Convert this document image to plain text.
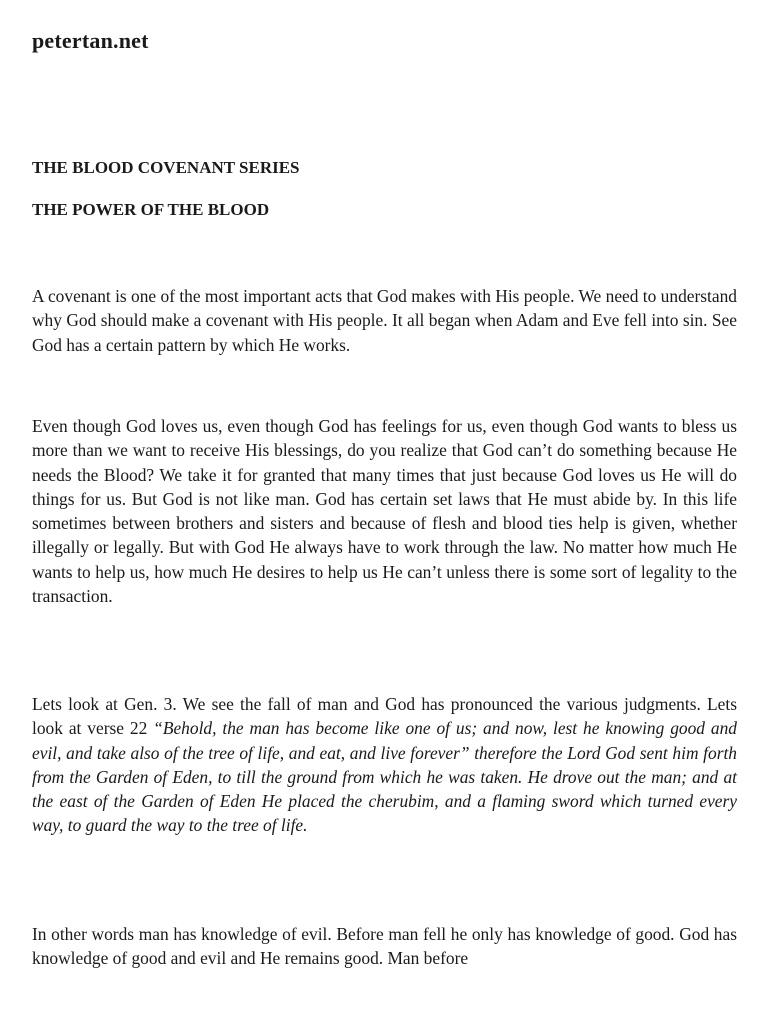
petertan.net
THE BLOOD COVENANT SERIES
THE POWER OF THE BLOOD

A covenant is one of the most important acts that God makes with His people. We need to understand why God should make a covenant with His people. It all began when Adam and Eve fell into sin. See God has a certain pattern by which He works.

Even though God loves us, even though God has feelings for us, even though God wants to bless us more than we want to receive His blessings, do you realize that God can’t do something because He needs the Blood? We take it for granted that many times that just because God loves us He will do things for us. But God is not like man. God has certain set laws that He must abide by. In this life sometimes between brothers and sisters and because of flesh and blood ties help is given, whether illegally or legally. But with God He always have to work through the law. No matter how much He wants to help us, how much He desires to help us He can’t unless there is some sort of legality to the transaction.

Lets look at Gen. 3. We see the fall of man and God has pronounced the various judgments. Lets look at verse 22 “Behold, the man has become like one of us; and now, lest he knowing good and evil, and take also of the tree of life, and eat, and live forever” therefore the Lord God sent him forth from the Garden of Eden, to till the ground from which he was taken. He drove out the man; and at the east of the Garden of Eden He placed the cherubim, and a flaming sword which turned every way, to guard the way to the tree of life.

In other words man has knowledge of evil. Before man fell he only has knowledge of good. God has knowledge of good and evil and He remains good. Man before
